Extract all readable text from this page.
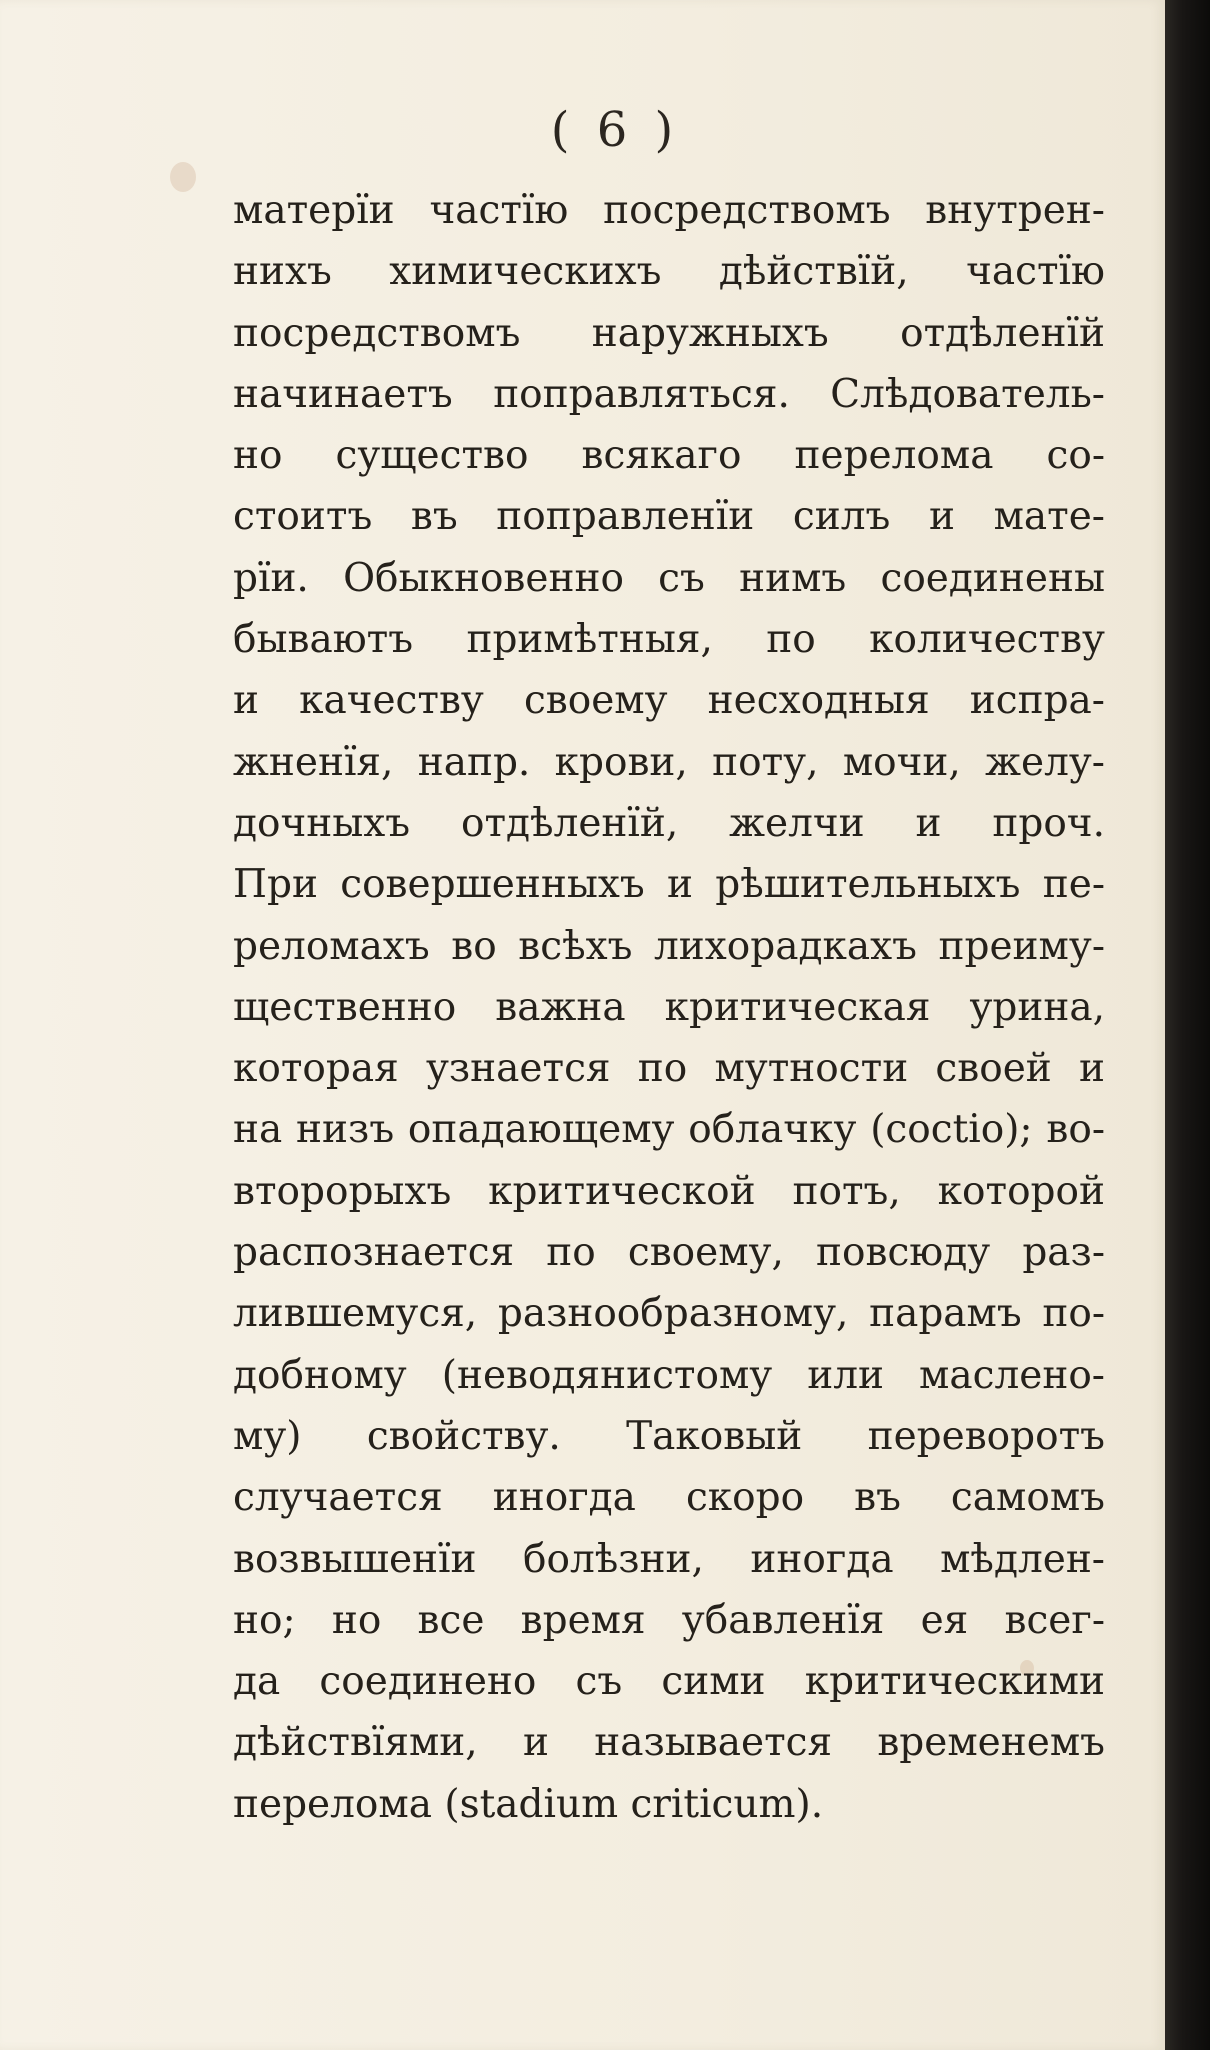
( 6 )
матерїи частїю посредствомъ внутрен-
нихъ химическихъ дѣйствїй, частїю
посредствомъ наружныхъ отдѣленїй
начинаетъ поправляться. Слѣдователь-
но существо всякаго перелома со-
стоитъ въ поправленїи силъ и мате-
рїи. Обыкновенно съ нимъ соединены
бываютъ примѣтныя, по количеству
и качеству своему несходныя испра-
жненїя, напр. крови, поту, мочи, желу-
дочныхъ отдѣленїй, желчи и проч.
При совершенныхъ и рѣшительныхъ пе-
реломахъ во всѣхъ лихорадкахъ преиму-
щественно важна критическая урина,
которая узнается по мутности своей и
на низъ опадающему облачку (coctio); во-
второрыхъ критической потъ, которой
распознается по своему, повсюду раз-
лившемуся, разнообразному, парамъ по-
добному (неводянистому или маслено-
му) свойству. Таковый переворотъ
случается иногда скоро въ самомъ
возвышенїи болѣзни, иногда мѣдлен-
но; но все время убавленїя ея всег-
да соединено съ сими критическими
дѣйствїями, и называется временемъ
перелома (stadium criticum).
